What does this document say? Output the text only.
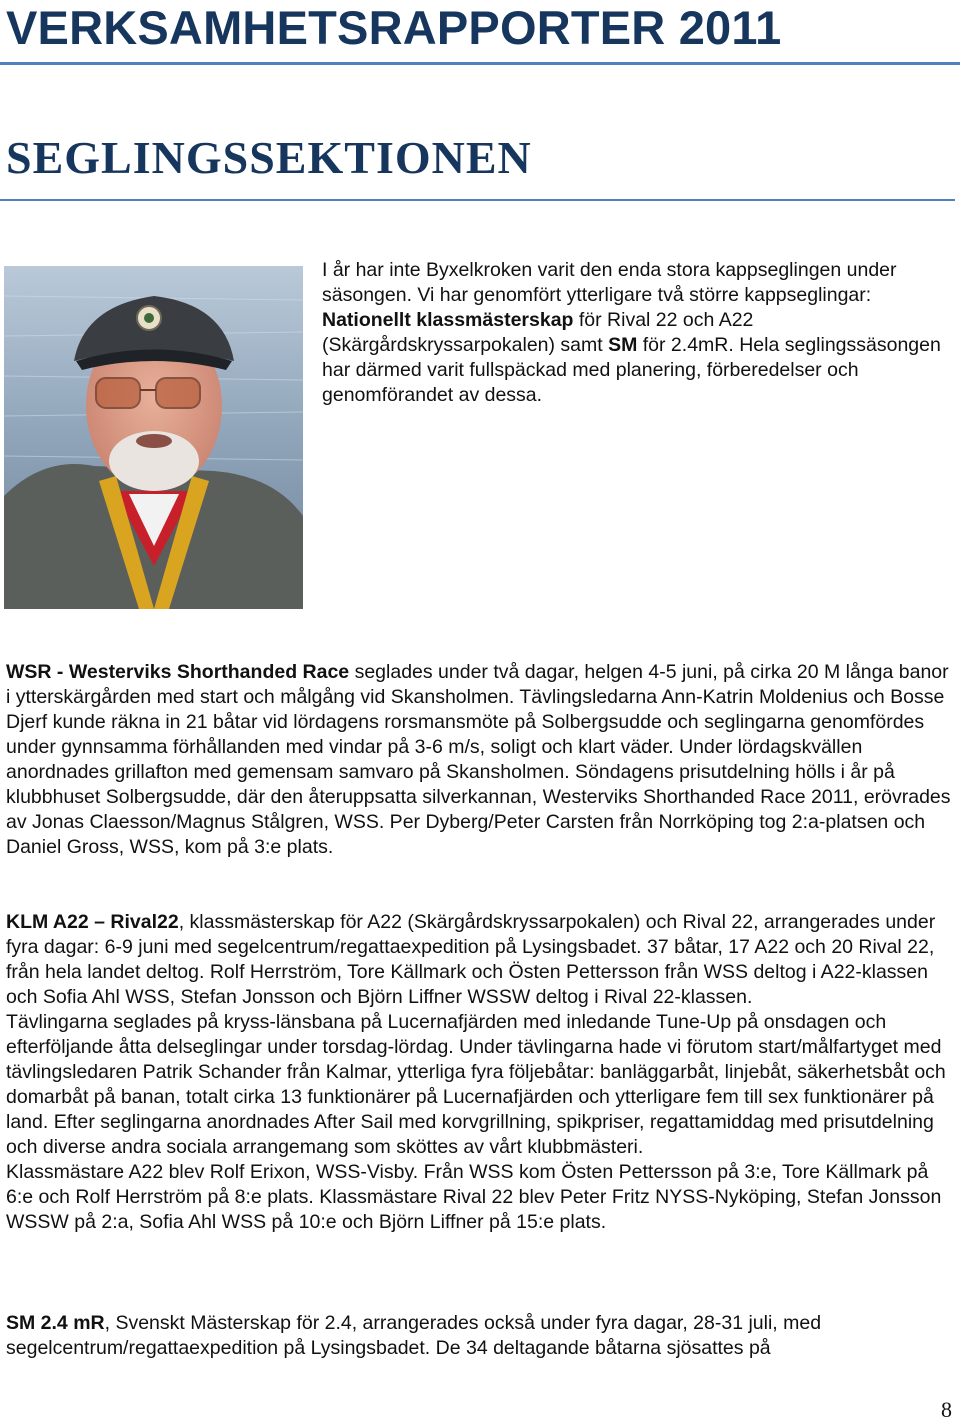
VERKSAMHETSRAPPORTER 2011
SEGLINGSSEKTIONEN

I år har inte Byxelkroken varit den enda stora kappseglingen under säsongen. Vi har genomfört ytterligare två större kappseglingar: Nationellt klassmästerskap för Rival 22 och A22 (Skärgårdskryssarpokalen) samt SM för 2.4mR. Hela seglingssäsongen har därmed varit fullspäckad med planering, förberedelser och genomförandet av dessa.

WSR - Westerviks Shorthanded Race seglades under två dagar, helgen 4-5 juni, på cirka 20 M långa banor i ytterskärgården med start och målgång vid Skansholmen. Tävlingsledarna Ann-Katrin Moldenius och Bosse Djerf kunde räkna in 21 båtar vid lördagens rorsmansmöte på Solbergsudde och seglingarna genomfördes under gynnsamma förhållanden med vindar på 3-6 m/s, soligt och klart väder. Under lördagskvällen anordnades grillafton med gemensam samvaro på Skansholmen. Söndagens prisutdelning hölls i år på klubbhuset Solbergsudde, där den återuppsatta silverkannan, Westerviks Shorthanded Race 2011, erövrades av Jonas Claesson/Magnus Stålgren, WSS. Per Dyberg/Peter Carsten från Norrköping tog 2:a-platsen och Daniel Gross, WSS, kom på 3:e plats.

KLM A22 – Rival22, klassmästerskap för A22 (Skärgårdskryssarpokalen) och Rival 22, arrangerades under fyra dagar: 6-9 juni med segelcentrum/regattaexpedition på Lysingsbadet. 37 båtar, 17 A22 och 20 Rival 22, från hela landet deltog. Rolf Herrström, Tore Källmark och Östen Pettersson från WSS deltog i A22-klassen och Sofia Ahl WSS, Stefan Jonsson och Björn Liffner WSSW deltog i Rival 22-klassen.

Tävlingarna seglades på kryss-länsbana på Lucernafjärden med inledande Tune-Up på onsdagen och efterföljande åtta delseglingar under torsdag-lördag. Under tävlingarna hade vi förutom start/målfartyget med tävlingsledaren Patrik Schander från Kalmar, ytterliga fyra följebåtar: banläggarbåt, linjebåt, säkerhetsbåt och domarbåt på banan, totalt cirka 13 funktionärer på Lucernafjärden och ytterligare fem till sex funktionärer på land. Efter seglingarna anordnades After Sail med korvgrillning, spikpriser, regattamiddag med prisutdelning och diverse andra sociala arrangemang som sköttes av vårt klubbmästeri.

Klassmästare A22 blev Rolf Erixon, WSS-Visby. Från WSS kom Östen Pettersson på 3:e, Tore Källmark på 6:e och Rolf Herrström på 8:e plats. Klassmästare Rival 22 blev Peter Fritz NYSS-Nyköping, Stefan Jonsson WSSW på 2:a, Sofia Ahl WSS på 10:e och Björn Liffner på 15:e plats.

SM 2.4 mR, Svenskt Mästerskap för 2.4, arrangerades också under fyra dagar, 28-31 juli, med segelcentrum/regattaexpedition på Lysingsbadet. De 34 deltagande båtarna sjösattes på

8
